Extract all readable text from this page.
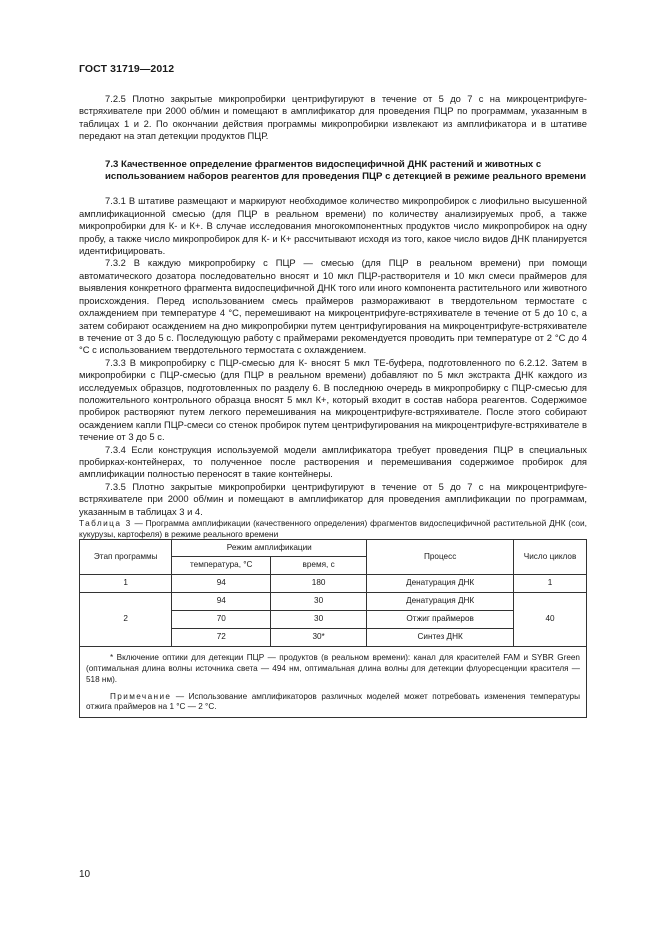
ГОСТ 31719—2012

7.2.5 Плотно закрытые микропробирки центрифугируют в течение от 5 до 7 с на микроцентрифуге-встряхивателе при 2000 об/мин и помещают в амплификатор для проведения ПЦР по программам, указанным в таблицах 1 и 2. По окончании действия программы микропробирки извлекают из амплификатора и в штативе передают на этап детекции продуктов ПЦР.

7.3 Качественное определение фрагментов видоспецифичной ДНК растений и животных с использованием наборов реагентов для проведения ПЦР с детекцией в режиме реального времени

7.3.1 В штативе размещают и маркируют необходимое количество микропробирок с лиофильно высушенной амплификационной смесью (для ПЦР в реальном времени) по количеству анализируемых проб, а также микропробирки для К- и К+. В случае исследования многокомпонентных продуктов число микропробирок на одну пробу, а также число микропробирок для К- и К+ рассчитывают исходя из того, какое число видов ДНК планируется идентифицировать.

7.3.2 В каждую микропробирку с ПЦР — смесью (для ПЦР в реальном времени) при помощи автоматического дозатора последовательно вносят и 10 мкл ПЦР-растворителя и 10 мкл смеси праймеров для выявления конкретного фрагмента видоспецифичной ДНК того или иного компонента растительного или животного происхождения. Перед использованием смесь праймеров размораживают в твердотельном термостате с охлаждением при температуре 4 °С, перемешивают на микроцентрифуге-встряхивателе в течение от 5 до 10 с, а затем собирают осаждением на дно микропробирки путем центрифугирования на микроцентрифуге-встряхивателе в течение от 3 до 5 с. Последующую работу с праймерами рекомендуется проводить при температуре от 2 °С до 4 °С с использованием твердотельного термостата с охлаждением.

7.3.3 В микропробирку с ПЦР-смесью для К- вносят 5 мкл ТЕ-буфера, подготовленного по 6.2.12. Затем в микропробирки с ПЦР-смесью (для ПЦР в реальном времени) добавляют по 5 мкл экстракта ДНК каждого из исследуемых образцов, подготовленных по разделу 6. В последнюю очередь в микропробирку с ПЦР-смесью для положительного контрольного образца вносят 5 мкл К+, который входит в состав набора реагентов. Содержимое пробирок растворяют путем легкого перемешивания на микроцентрифуге-встряхивателе. После этого собирают осаждением капли ПЦР-смеси со стенок пробирок путем центрифугирования на микроцентрифуге-встряхивателе в течение от 3 до 5 с.

7.3.4 Если конструкция используемой модели амплификатора требует проведения ПЦР в специальных пробирках-контейнерах, то полученное после растворения и перемешивания содержимое пробирок для амплификации полностью переносят в такие контейнеры.

7.3.5 Плотно закрытые микропробирки центрифугируют в течение от 5 до 7 с на микроцентрифуге-встряхивателе при 2000 об/мин и помещают в амплификатор для проведения амплификации по программам, указанным в таблицах 3 и 4.

Таблица 3 — Программа амплификации (качественного определения) фрагментов видоспецифичной растительной ДНК (сои, кукурузы, картофеля) в режиме реального времени

Этап программы	Режим амплификации		Процесс	Число циклов
	температура, °С	время, с		
1	94	180	Денатурация ДНК	1
2	94	30	Денатурация ДНК	40
	70	30	Отжиг праймеров	
	72	30*	Синтез ДНК	

* Включение оптики для детекции ПЦР — продуктов (в реальном времени): канал для красителей FAM и SYBR Green (оптимальная длина волны источника света — 494 нм, оптимальная длина волны для детекции флуоресценции красителя — 518 нм).

Примечание — Использование амплификаторов различных моделей может потребовать изменения температуры отжига праймеров на 1 °С — 2 °С.				

10
